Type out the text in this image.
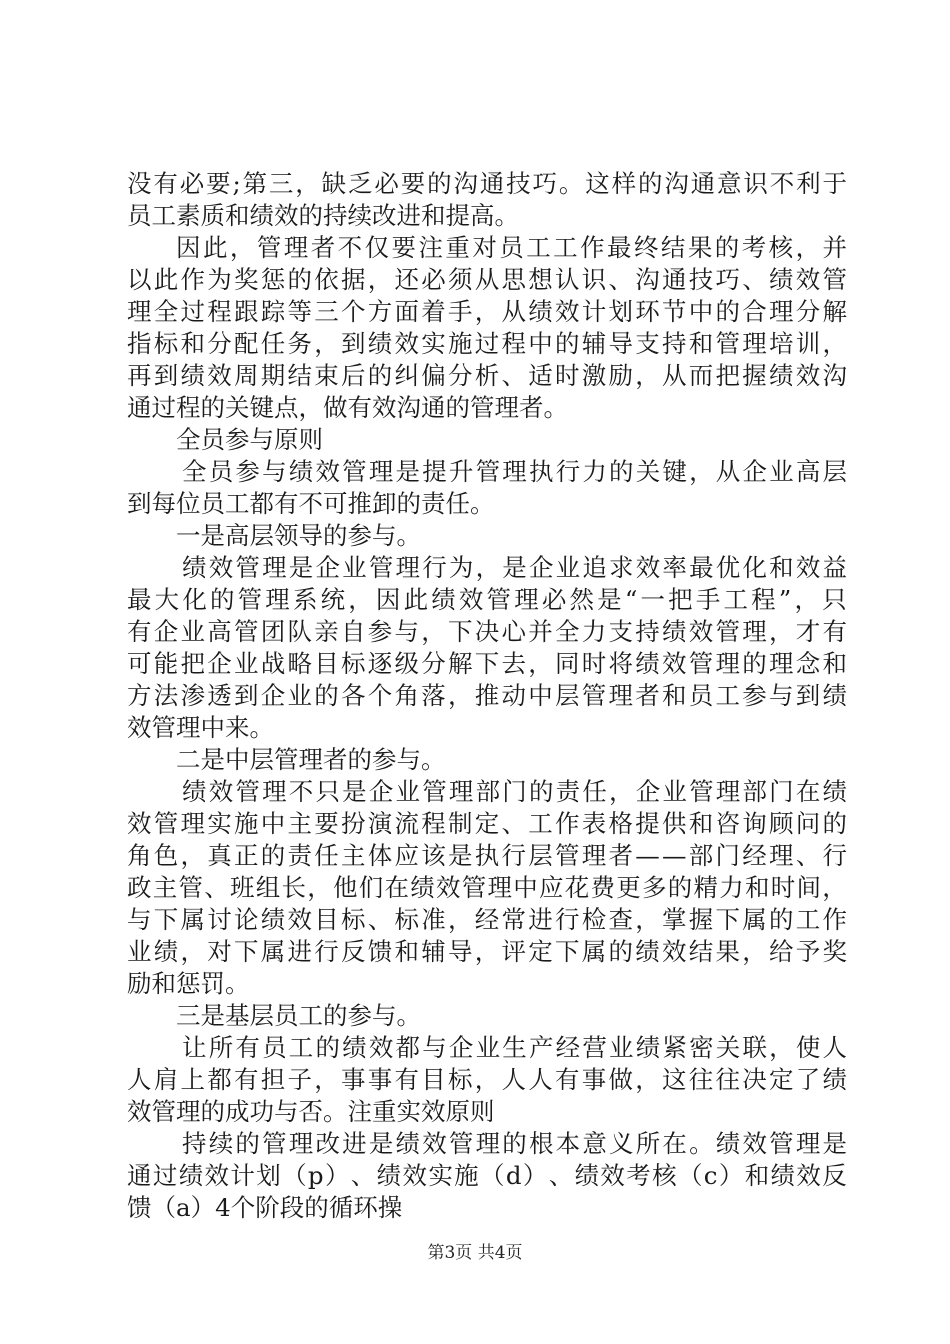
没 有 必 要 ; 第 三 ， 缺 乏 必 要 的 沟 通 技 巧 。 这 样 的 沟 通 意 识 不 利 于
员工素质和绩效的持续改进和提高。
因 此 ， 管 理 者 不 仅 要 注 重 对 员 工 工 作 最 终 结 果 的 考 核 ， 并
以 此 作 为 奖 惩 的 依 据 ， 还 必 须 从 思 想 认 识 、 沟 通 技 巧 、 绩 效 管
理 全 过 程 跟 踪 等 三 个 方 面 着 手 ， 从 绩 效 计 划 环 节 中 的 合 理 分 解
指 标 和 分 配 任 务 ， 到 绩 效 实 施 过 程 中 的 辅 导 支 持 和 管 理 培 训 ，
再 到 绩 效 周 期 结 束 后 的 纠 偏 分 析 、 适 时 激 励 ， 从 而 把 握 绩 效 沟
通过程的关键点，做有效沟通的管理者。
全员参与原则
全 员 参 与 绩 效 管 理 是 提 升 管 理 执 行 力 的 关 键 ， 从 企 业 高 层
到每位员工都有不可推卸的责任。
一是高层领导的参与。
绩 效 管 理 是 企 业 管 理 行 为 ， 是 企 业 追 求 效 率 最 优 化 和 效 益
最 大 化 的 管 理 系 统 ， 因 此 绩 效 管 理 必 然 是 “ 一 把 手 工 程 ” ， 只
有 企 业 高 管 团 队 亲 自 参 与 ， 下 决 心 并 全 力 支 持 绩 效 管 理 ， 才 有
可 能 把 企 业 战 略 目 标 逐 级 分 解 下 去 ， 同 时 将 绩 效 管 理 的 理 念 和
方 法 渗 透 到 企 业 的 各 个 角 落 ， 推 动 中 层 管 理 者 和 员 工 参 与 到 绩
效管理中来。
二是中层管理者的参与。
绩 效 管 理 不 只 是 企 业 管 理 部 门 的 责 任 ， 企 业 管 理 部 门 在 绩
效 管 理 实 施 中 主 要 扮 演 流 程 制 定 、 工 作 表 格 提 供 和 咨 询 顾 问 的
角 色 ， 真 正 的 责 任 主 体 应 该 是 执 行 层 管 理 者 — — 部 门 经 理 、 行
政 主 管 、 班 组 长 ， 他 们 在 绩 效 管 理 中 应 花 费 更 多 的 精 力 和 时 间 ，
与 下 属 讨 论 绩 效 目 标 、 标 准 ， 经 常 进 行 检 查 ， 掌 握 下 属 的 工 作
业 绩 ， 对 下 属 进 行 反 馈 和 辅 导 ， 评 定 下 属 的 绩 效 结 果 ， 给 予 奖
励和惩罚。
三是基层员工的参与。
让 所 有 员 工 的 绩 效 都 与 企 业 生 产 经 营 业 绩 紧 密 关 联 ， 使 人
人 肩 上 都 有 担 子 ， 事 事 有 目 标 ， 人 人 有 事 做 ， 这 往 往 决 定 了 绩
效管理的成功与否。注重实效原则
持 续 的 管 理 改 进 是 绩 效 管 理 的 根 本 意 义 所 在 。 绩 效 管 理 是
通 过 绩 效 计 划 （ p ） 、 绩 效 实 施 （ d ） 、 绩 效 考 核 （ c ） 和 绩 效 反
馈（a）4个阶段的循环操
第3页 共4页
